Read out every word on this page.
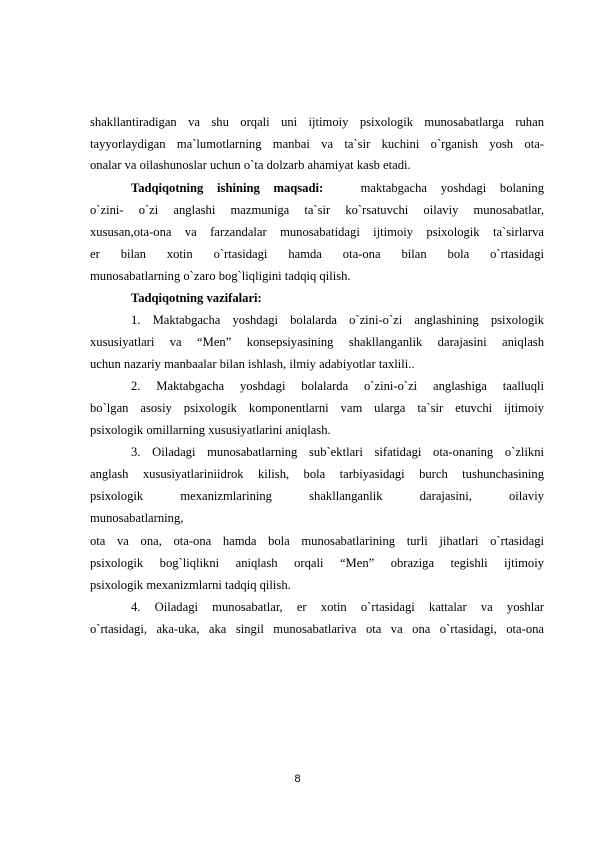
shakllantiradigan va shu orqali uni ijtimoiy psixologik munosabatlarga ruhan
tayyorlaydigan ma`lumotlarning manbai va ta`sir kuchini o`rganish yosh ota-
onalar va oilashunoslar uchun o`ta dolzarb ahamiyat kasb etadi.
Tadqiqotning ishining maqsadi:	maktabgacha yoshdagi bolaning
o`zini- o`zi anglashi mazmuniga ta`sir ko`rsatuvchi oilaviy munosabatlar,
xususan,ota-ona va farzandalar munosabatidagi ijtimoiy psixologik ta`sirlarva
er bilan xotin o`rtasidagi hamda ota-ona bilan bola o`rtasidagi
munosabatlarning o`zaro bog`liqligini tadqiq qilish.
Tadqiqotning vazifalari:
1. Maktabgacha yoshdagi bolalarda o`zini-o`zi anglashining psixologik
xususiyatlari va “Men” konsepsiyasining shakllanganlik darajasini aniqlash
uchun nazariy manbaalar bilan ishlash, ilmiy adabiyotlar taxlili..
2. Maktabgacha yoshdagi bolalarda o`zini-o`zi anglashiga taalluqli
bo`lgan asosiy psixologik komponentlarni vam ularga ta`sir etuvchi ijtimoiy
psixologik omillarning xususiyatlarini aniqlash.
3. Oiladagi munosabatlarning sub`ektlari sifatidagi ota-onaning o`zlikni
anglash xususiyatlariniidrok kilish, bola tarbiyasidagi burch tushunchasining
psixologik mexanizmlarining shakllanganlik darajasini, oilaviy
munosabatlarning,
ota va ona, ota-ona hamda bola munosabatlarining turli jihatlari o`rtasidagi
psixologik bog`liqlikni aniqlash orqali “Men” obraziga tegishli ijtimoiy
psixologik mexanizmlarni tadqiq qilish.
4. Oiladagi munosabatlar, er xotin o`rtasidagi kattalar va yoshlar
o`rtasidagi, aka-uka, aka singil munosabatlariva ota va ona o`rtasidagi, ota-ona
8
